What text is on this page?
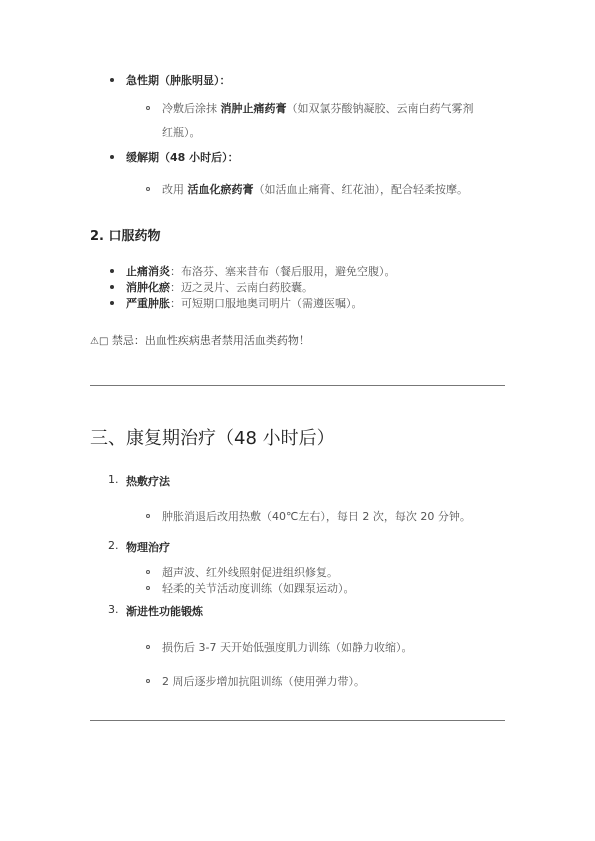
急性期（肿胀明显）：
冷敷后涂抹 消肿止痛药膏（如双氯芬酸钠凝胶、云南白药气雾剂
红瓶）。
缓解期（48 小时后）：
改用 活血化瘀药膏（如活血止痛膏、红花油），配合轻柔按摩。
2. 口服药物
止痛消炎：布洛芬、塞来昔布（餐后服用，避免空腹）。
消肿化瘀：迈之灵片、云南白药胶囊。
严重肿胀：可短期口服地奥司明片（需遵医嘱）。
⚠□ 禁忌：出血性疾病患者禁用活血类药物！
三、康复期治疗（48 小时后）
1. 热敷疗法
肿胀消退后改用热敷（40℃左右），每日 2 次，每次 20 分钟。
2. 物理治疗
超声波、红外线照射促进组织修复。
轻柔的关节活动度训练（如踝泵运动）。
3. 渐进性功能锻炼
损伤后 3-7 天开始低强度肌力训练（如静力收缩）。
2 周后逐步增加抗阻训练（使用弹力带）。
